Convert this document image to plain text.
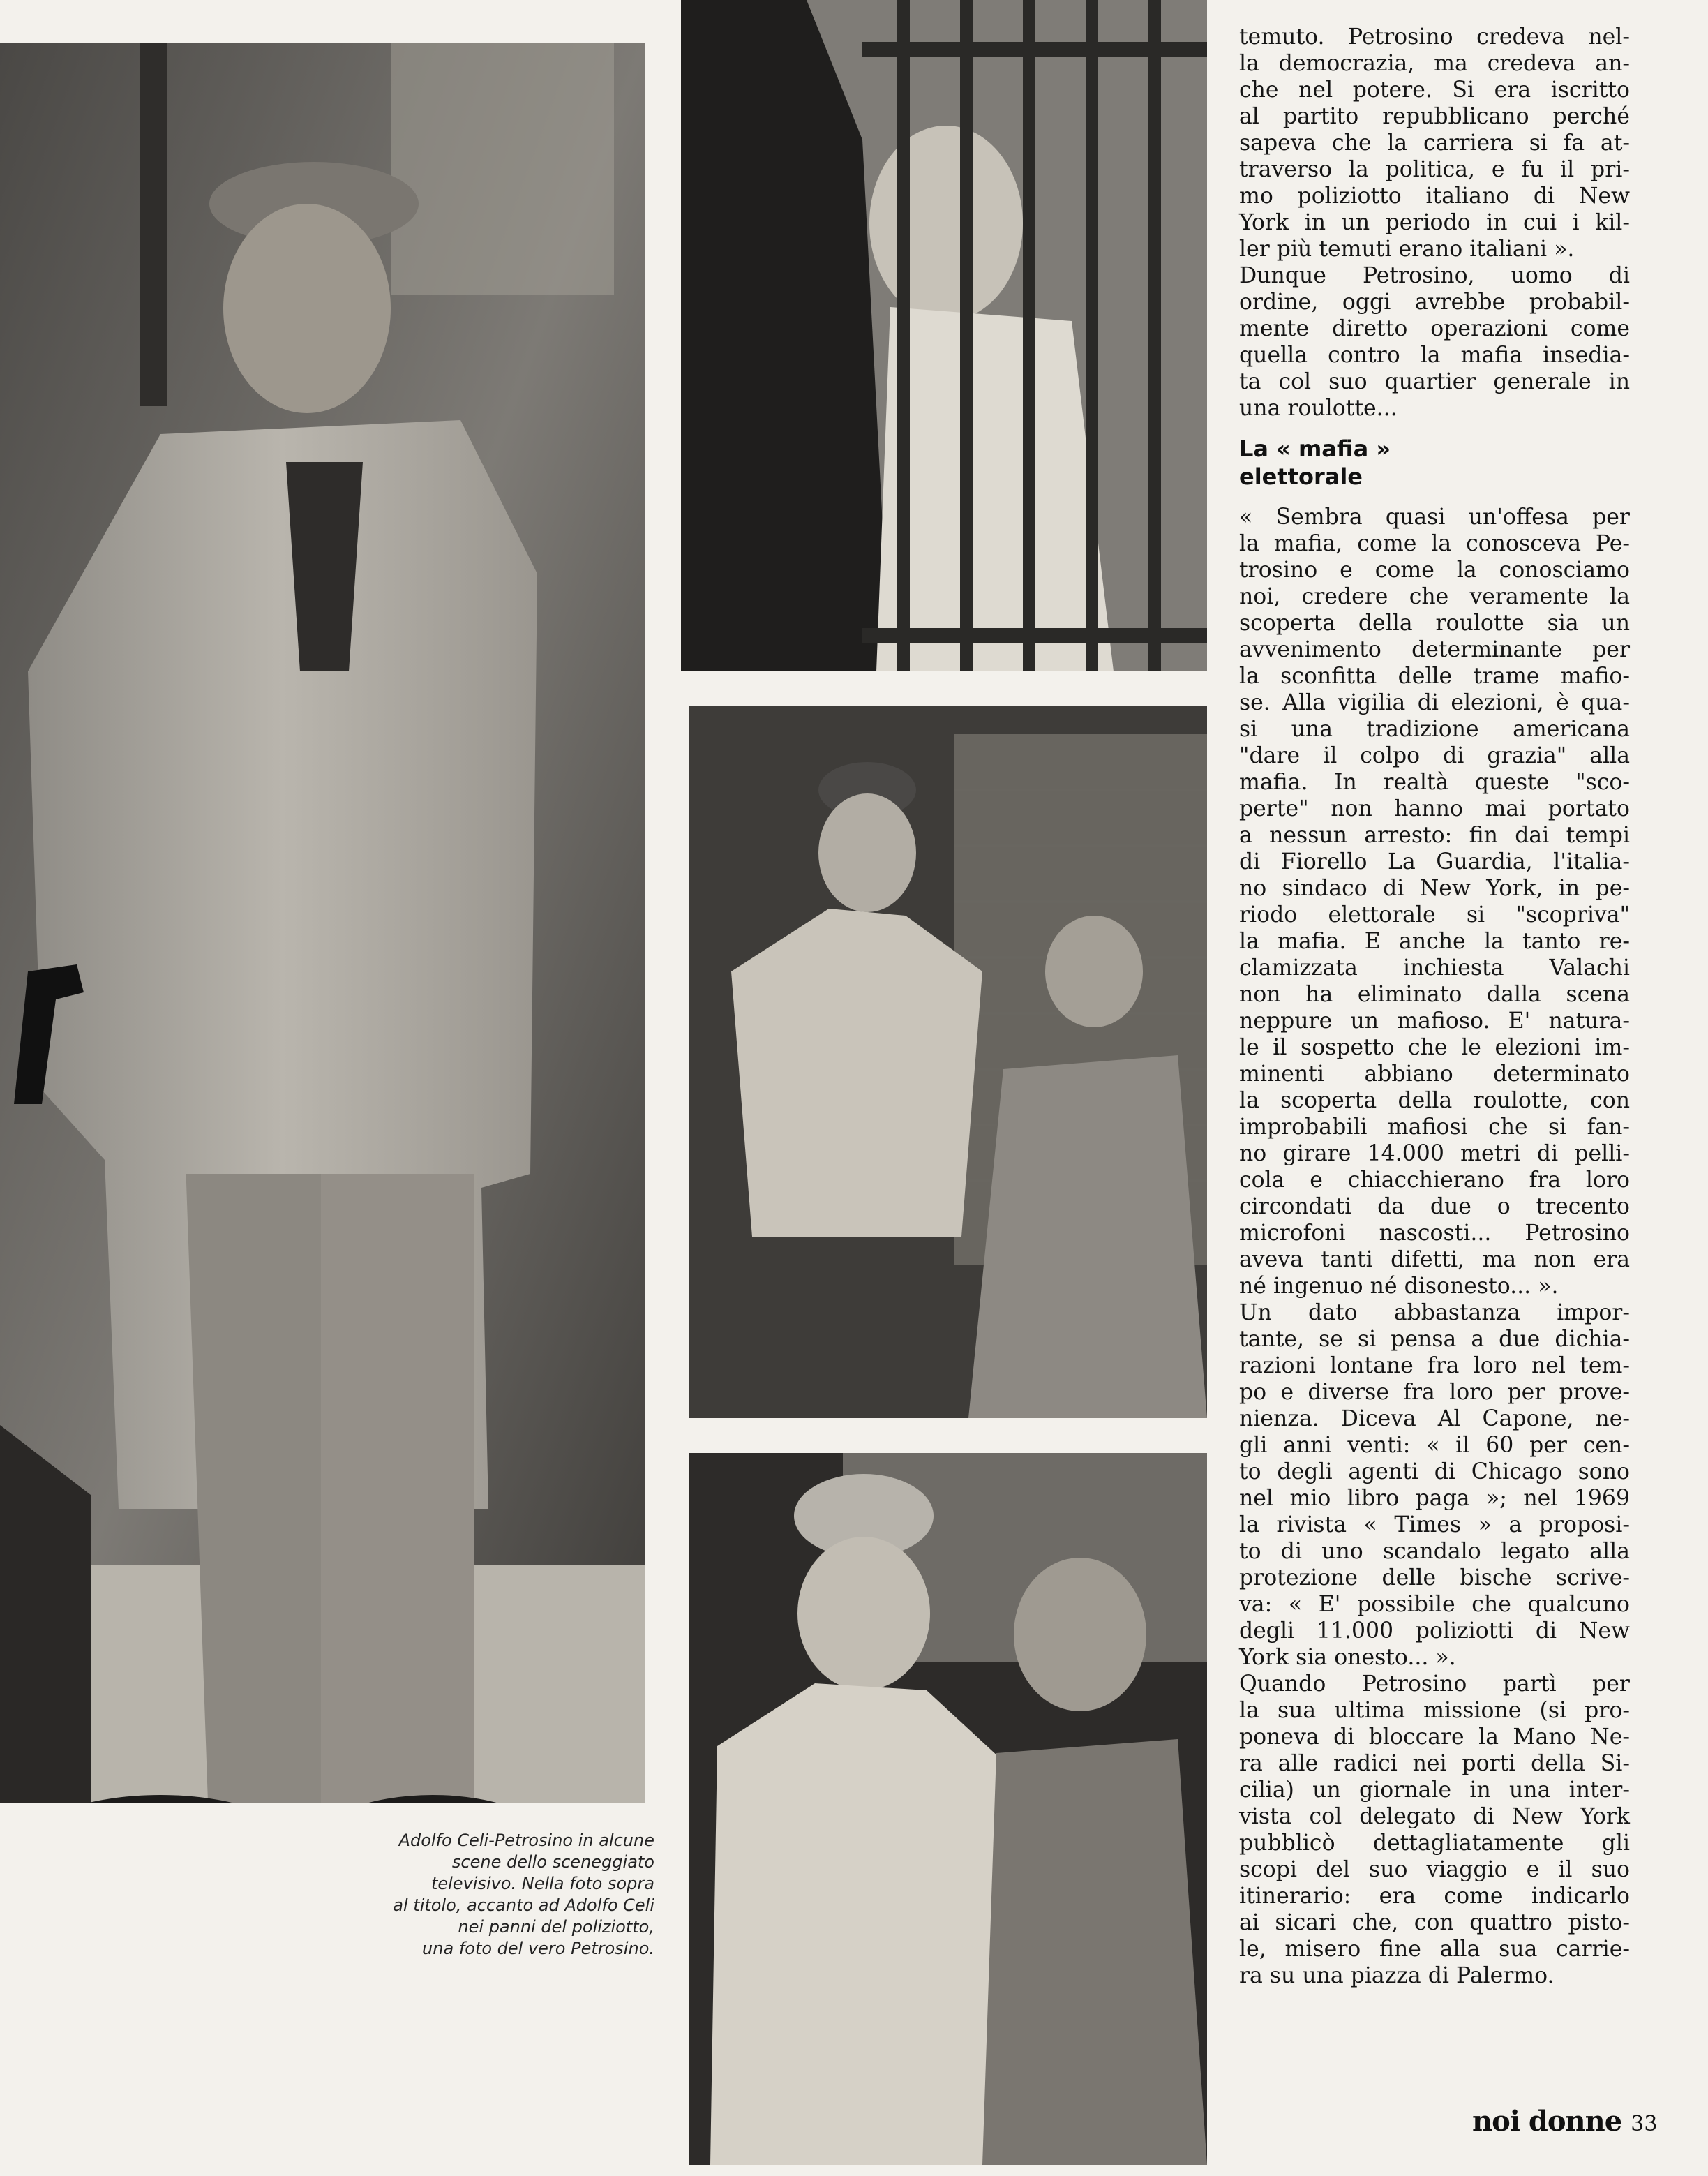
Adolfo Celi-Petrosino in alcune
scene dello sceneggiato
televisivo. Nella foto sopra
al titolo, accanto ad Adolfo Celi
nei panni del poliziotto,
una foto del vero Petrosino.
temuto. Petrosino credeva nel-
la democrazia, ma credeva an-
che nel potere. Si era iscritto
al partito repubblicano perché
sapeva che la carriera si fa at-
traverso la politica, e fu il pri-
mo poliziotto italiano di New
York in un periodo in cui i kil-
ler più temuti erano italiani ».
Dunque Petrosino, uomo di
ordine, oggi avrebbe probabil-
mente diretto operazioni come
quella contro la mafia insedia-
ta col suo quartier generale in
una roulotte...
La « mafia »
elettorale
« Sembra quasi un'offesa per
la mafia, come la conosceva Pe-
trosino e come la conosciamo
noi, credere che veramente la
scoperta della roulotte sia un
avvenimento determinante per
la sconfitta delle trame mafio-
se. Alla vigilia di elezioni, è qua-
si una tradizione americana
"dare il colpo di grazia" alla
mafia. In realtà queste "sco-
perte" non hanno mai portato
a nessun arresto: fin dai tempi
di Fiorello La Guardia, l'italia-
no sindaco di New York, in pe-
riodo elettorale si "scopriva"
la mafia. E anche la tanto re-
clamizzata inchiesta Valachi
non ha eliminato dalla scena
neppure un mafioso. E' natura-
le il sospetto che le elezioni im-
minenti abbiano determinato
la scoperta della roulotte, con
improbabili mafiosi che si fan-
no girare 14.000 metri di pelli-
cola e chiacchierano fra loro
circondati da due o trecento
microfoni nascosti... Petrosino
aveva tanti difetti, ma non era
né ingenuo né disonesto... ».
Un dato abbastanza impor-
tante, se si pensa a due dichia-
razioni lontane fra loro nel tem-
po e diverse fra loro per prove-
nienza. Diceva Al Capone, ne-
gli anni venti: « il 60 per cen-
to degli agenti di Chicago sono
nel mio libro paga »; nel 1969
la rivista « Times » a proposi-
to di uno scandalo legato alla
protezione delle bische scrive-
va: « E' possibile che qualcuno
degli 11.000 poliziotti di New
York sia onesto... ».
Quando Petrosino partì per
la sua ultima missione (si pro-
poneva di bloccare la Mano Ne-
ra alle radici nei porti della Si-
cilia) un giornale in una inter-
vista col delegato di New York
pubblicò dettagliatamente gli
scopi del suo viaggio e il suo
itinerario: era come indicarlo
ai sicari che, con quattro pisto-
le, misero fine alla sua carrie-
ra su una piazza di Palermo.
noi donne 33
